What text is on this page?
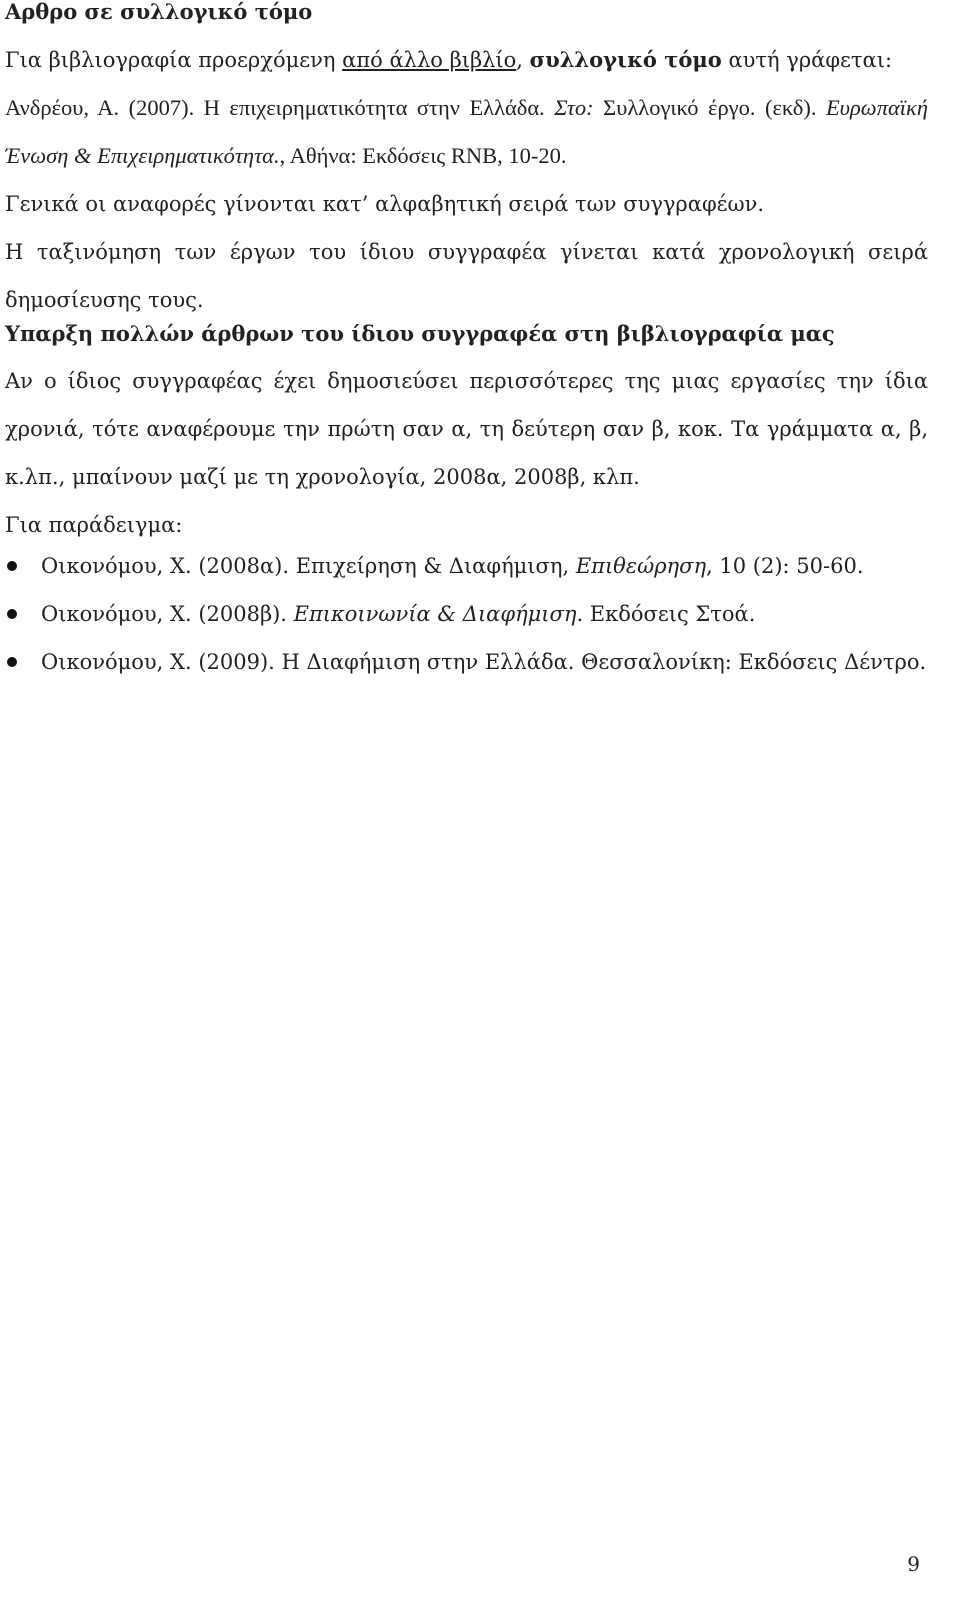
Αρθρο σε συλλογικό τόμο

Για βιβλιογραφία προερχόμενη από άλλο βιβλίο, συλλογικό τόμο αυτή γράφεται:

Ανδρέου, Α. (2007). Η επιχειρηματικότητα στην Ελλάδα. Στο: Συλλογικό έργο. (εκδ). Ευρωπαϊκή Ένωση & Επιχειρηματικότητα., Αθήνα: Εκδόσεις RNB, 10-20.

Γενικά οι αναφορές γίνονται κατ’ αλφαβητική σειρά των συγγραφέων.

Η ταξινόμηση των έργων του ίδιου συγγραφέα γίνεται κατά χρονολογική σειρά δημοσίευσης τους.

Υπαρξη πολλών άρθρων του ίδιου συγγραφέα στη βιβλιογραφία μας

Αν ο ίδιος συγγραφέας έχει δημοσιεύσει περισσότερες της μιας εργασίες την ίδια χρονιά, τότε αναφέρουμε την πρώτη σαν α, τη δεύτερη σαν β, κοκ. Τα γράμματα α, β, κ.λπ., μπαίνουν μαζί με τη χρονολογία, 2008α, 2008β, κλπ.

Για παράδειγμα:

Οικονόμου, Χ. (2008α). Επιχείρηση & Διαφήμιση, Επιθεώρηση, 10 (2): 50-60.
Οικονόμου, Χ. (2008β). Επικοινωνία & Διαφήμιση. Εκδόσεις Στοά.
Οικονόμου, Χ. (2009). Η Διαφήμιση στην Ελλάδα. Θεσσαλονίκη: Εκδόσεις Δέντρο.
9
